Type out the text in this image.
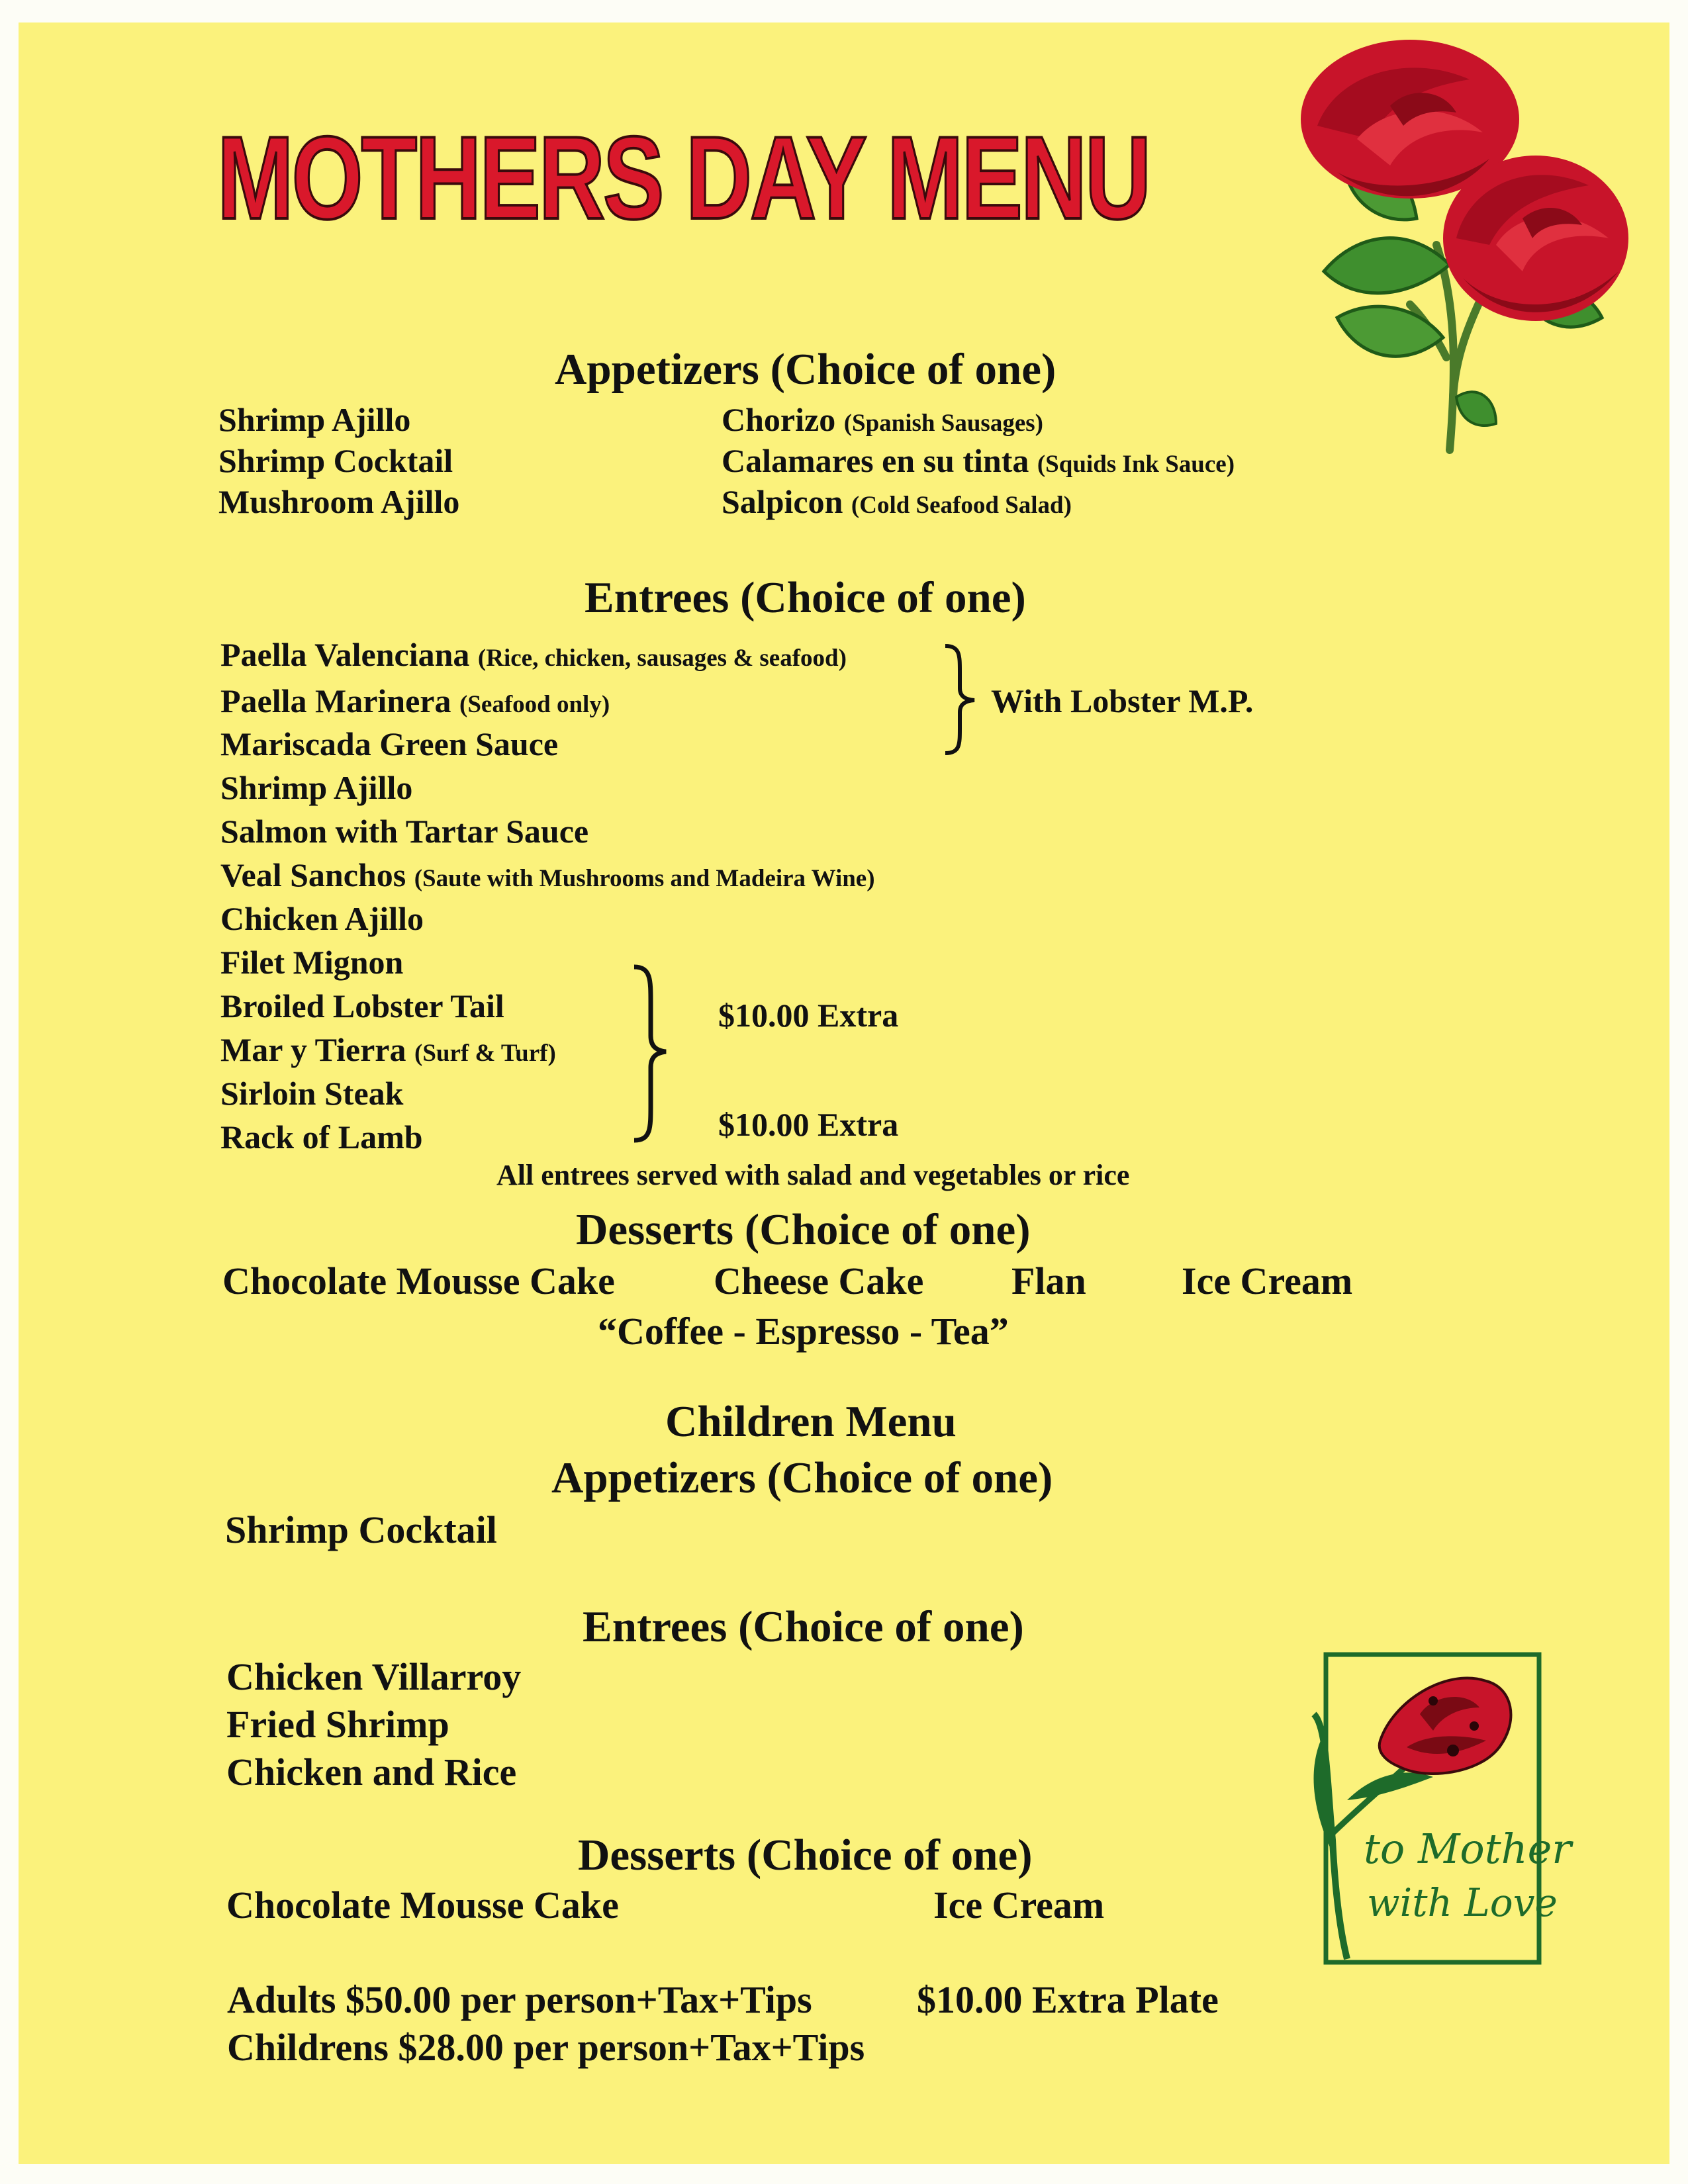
MOTHERS DAY MENU
Appetizers (Choice of one)
Shrimp Ajillo
Shrimp Cocktail
Mushroom Ajillo
Chorizo (Spanish Sausages)
Calamares en su tinta (Squids Ink Sauce)
Salpicon (Cold Seafood Salad)
Entrees (Choice of one)
Paella Valenciana (Rice, chicken, sausages & seafood)
Paella Marinera (Seafood only)
Mariscada Green Sauce
Shrimp Ajillo
Salmon with Tartar Sauce
Veal Sanchos (Saute with Mushrooms and Madeira Wine)
Chicken Ajillo
Filet Mignon
Broiled Lobster Tail
Mar y Tierra (Surf & Turf)
Sirloin Steak
Rack of Lamb
With Lobster M.P.
$10.00 Extra
$10.00 Extra
All entrees served with salad and vegetables or rice
Desserts (Choice of one)
Chocolate Mousse Cake	Cheese Cake Flan Ice Cream
“Coffee - Espresso - Tea”
Children Menu
Appetizers (Choice of one)
Shrimp Cocktail
Entrees (Choice of one)
Chicken Villarroy
Fried Shrimp
Chicken and Rice
Desserts (Choice of one)
Chocolate Mousse Cake	Ice Cream
Adults $50.00 per person+Tax+Tips	$10.00 Extra Plate
Childrens $28.00 per person+Tax+Tips
to Mother
with Love
